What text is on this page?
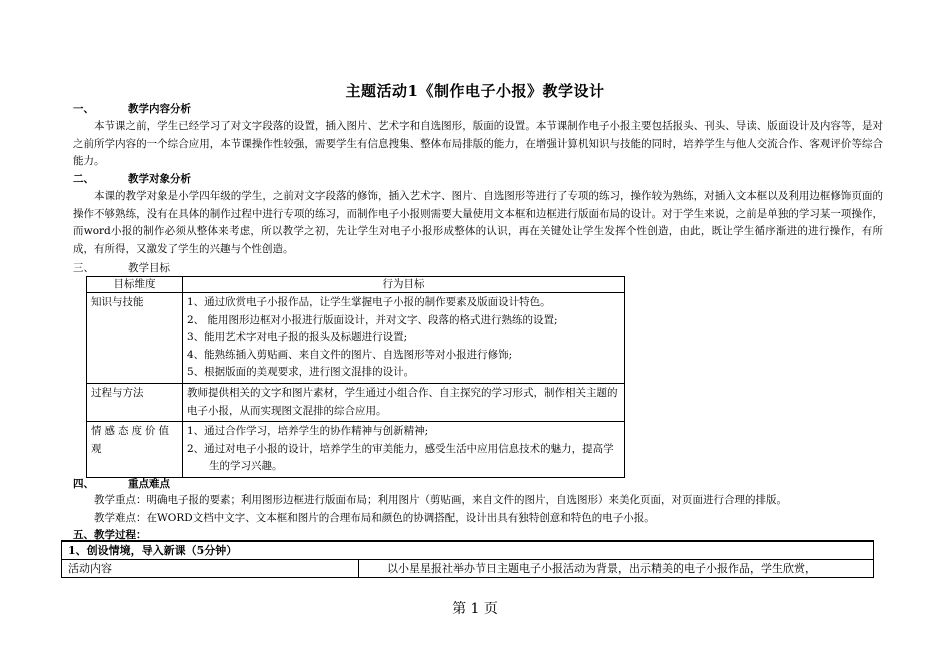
主题活动1《制作电子小报》教学设计
一、	教学内容分析
本节课之前，学生已经学习了对文字段落的设置，插入图片、艺术字和自选图形，版面的设置。本节课制作电子小报主要包括报头、刊头、导读、版面设计及内容等，是对之前所学内容的一个综合应用，本节课操作性较强，需要学生有信息搜集、整体布局排版的能力，在增强计算机知识与技能的同时，培养学生与他人交流合作、客观评价等综合能力。
二、	教学对象分析
本课的教学对象是小学四年级的学生，之前对文字段落的修饰，插入艺术字、图片、自选图形等进行了专项的练习，操作较为熟练，对插入文本框以及利用边框修饰页面的操作不够熟练，没有在具体的制作过程中进行专项的练习，而制作电子小报则需要大量使用文本框和边框进行版面布局的设计。对于学生来说，之前是单独的学习某一项操作，而word小报的制作必须从整体来考虑，所以教学之初，先让学生对电子小报形成整体的认识，再在关键处让学生发挥个性创造，由此，既让学生循序渐进的进行操作，有所成，有所得，又激发了学生的兴趣与个性创造。
三、	教学目标
目标维度	行为目标
知识与技能	1、通过欣赏电子小报作品，让学生掌握电子小报的制作要素及版面设计特色。
2、 能用图形边框对小报进行版面设计，并对文字、段落的格式进行熟练的设置;
3、能用艺术字对电子报的报头及标题进行设置;
4、能熟练插入剪贴画、来自文件的图片、自选图形等对小报进行修饰;
5、根据版面的美观要求，进行图文混排的设计。

过程与方法	教师提供相关的文字和图片素材，学生通过小组合作、自主探究的学习形式，制作相关主题的电子小报，从而实现图文混排的综合应用。

情感态度价值观	1、通过合作学习，培养学生的协作精神与创新精神;
2、通过对电子小报的设计，培养学生的审美能力，感受生活中应用信息技术的魅力，提高学生的学习兴趣。
四、	重点难点
教学重点：明确电子报的要素；利用图形边框进行版面布局；利用图片（剪贴画，来自文件的图片，自选图形）来美化页面，对页面进行合理的排版。
教学难点：在WORD文档中文字、文本框和图片的合理布局和颜色的协调搭配，设计出具有独特创意和特色的电子小报。
五、教学过程：
1、创设情境，导入新课（5分钟）
活动内容	以小星星报社举办节日主题电子小报活动为背景，出示精美的电子小报作品，学生欣赏，
第 1 页
